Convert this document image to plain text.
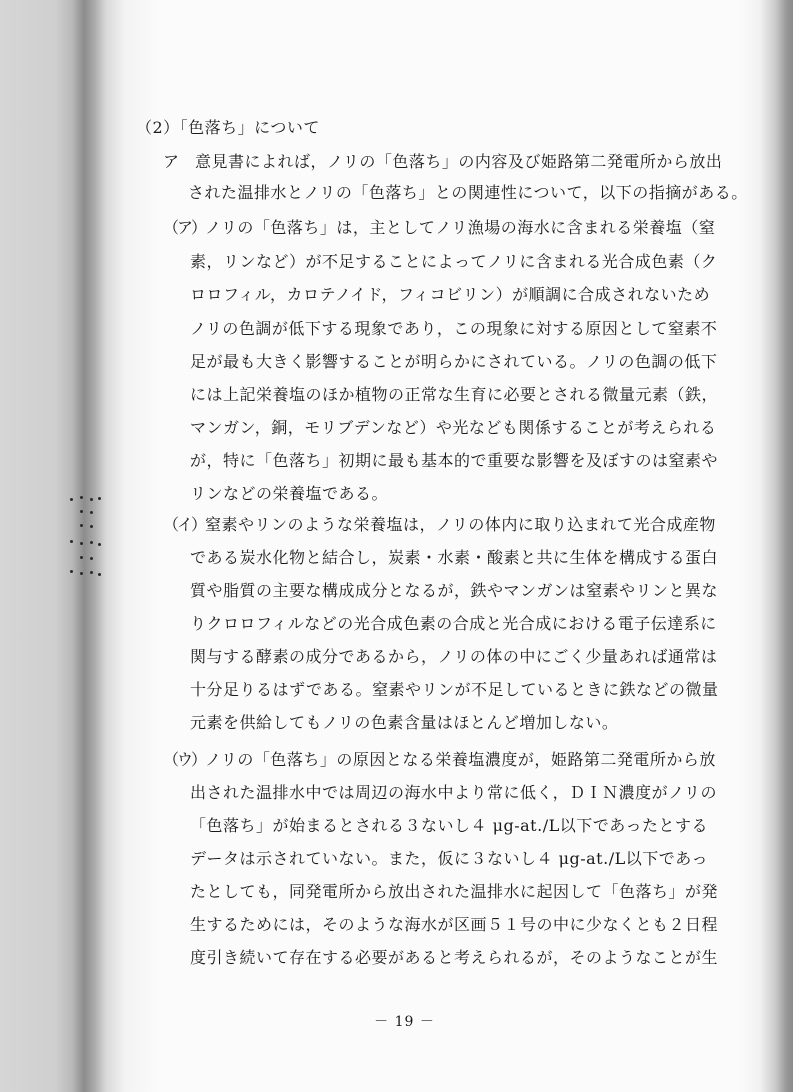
（2）「色落ち」について
ア 意見書によれば，ノリの「色落ち」の内容及び姫路第二発電所から放出
された温排水とノリの「色落ち」との関連性について，以下の指摘がある。
（ア）ノリの「色落ち」は，主としてノリ漁場の海水に含まれる栄養塩（窒
素，リンなど）が不足することによってノリに含まれる光合成色素（ク
ロロフィル，カロテノイド，フィコビリン）が順調に合成されないため
ノリの色調が低下する現象であり，この現象に対する原因として窒素不
足が最も大きく影響することが明らかにされている。ノリの色調の低下
には上記栄養塩のほか植物の正常な生育に必要とされる微量元素（鉄，
マンガン，銅，モリブデンなど）や光なども関係することが考えられる
が，特に「色落ち」初期に最も基本的で重要な影響を及ぼすのは窒素や
リンなどの栄養塩である。
（イ）窒素やリンのような栄養塩は，ノリの体内に取り込まれて光合成産物
である炭水化物と結合し，炭素・水素・酸素と共に生体を構成する蛋白
質や脂質の主要な構成成分となるが，鉄やマンガンは窒素やリンと異な
りクロロフィルなどの光合成色素の合成と光合成における電子伝達系に
関与する酵素の成分であるから，ノリの体の中にごく少量あれば通常は
十分足りるはずである。窒素やリンが不足しているときに鉄などの微量
元素を供給してもノリの色素含量はほとんど増加しない。
（ウ）ノリの「色落ち」の原因となる栄養塩濃度が，姫路第二発電所から放
出された温排水中では周辺の海水中より常に低く，ＤＩＮ濃度がノリの
「色落ち」が始まるとされる３ないし４ μg-at./L以下であったとする
データは示されていない。また，仮に３ないし４ μg-at./L以下であっ
たとしても，同発電所から放出された温排水に起因して「色落ち」が発
生するためには，そのような海水が区画５１号の中に少なくとも２日程
度引き続いて存在する必要があると考えられるが，そのようなことが生
－ 19 －
